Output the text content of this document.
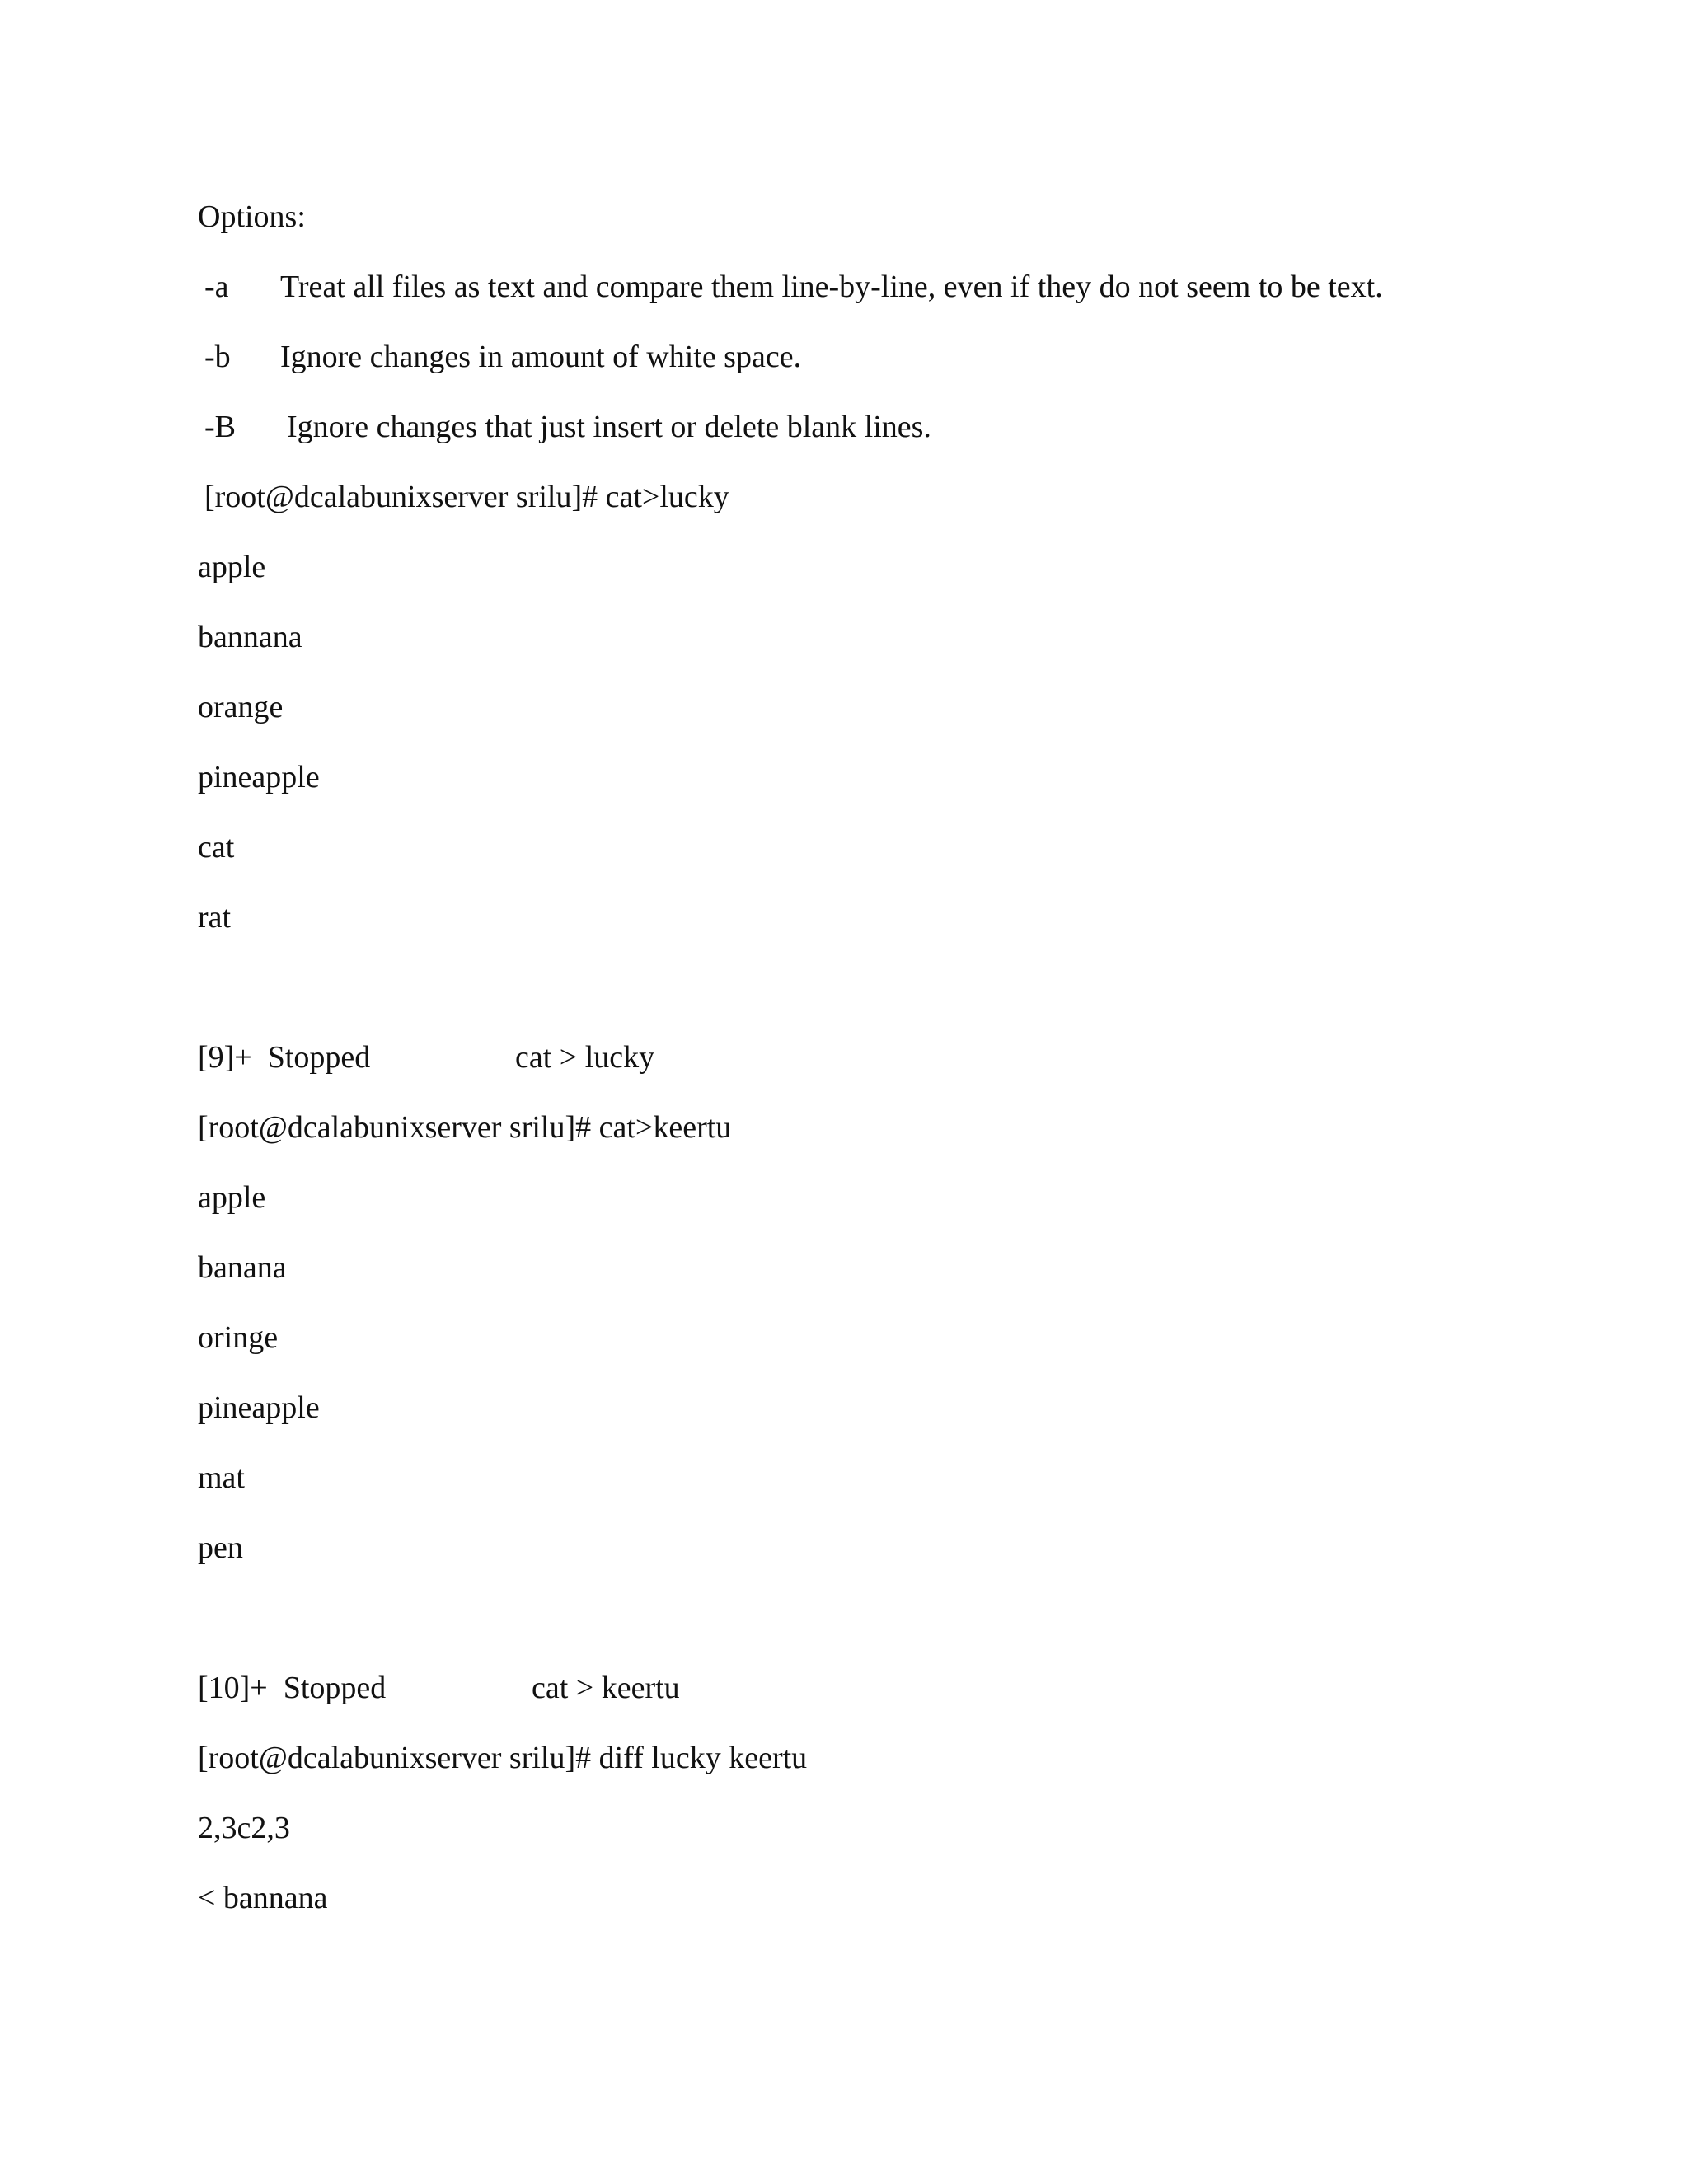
Options:
-a Treat all files as text and compare them line-by-line, even if they do not seem to be text.
-b Ignore changes in amount of white space.
-B Ignore changes that just insert or delete blank lines.
[root@dcalabunixserver srilu]# cat>lucky
apple
bannana
orange
pineapple
cat
rat
[9]+  Stopped	cat > lucky
[root@dcalabunixserver srilu]# cat>keertu
apple
banana
oringe
pineapple
mat
pen
[10]+  Stopped	cat > keertu
[root@dcalabunixserver srilu]# diff lucky keertu
2,3c2,3
< bannana
